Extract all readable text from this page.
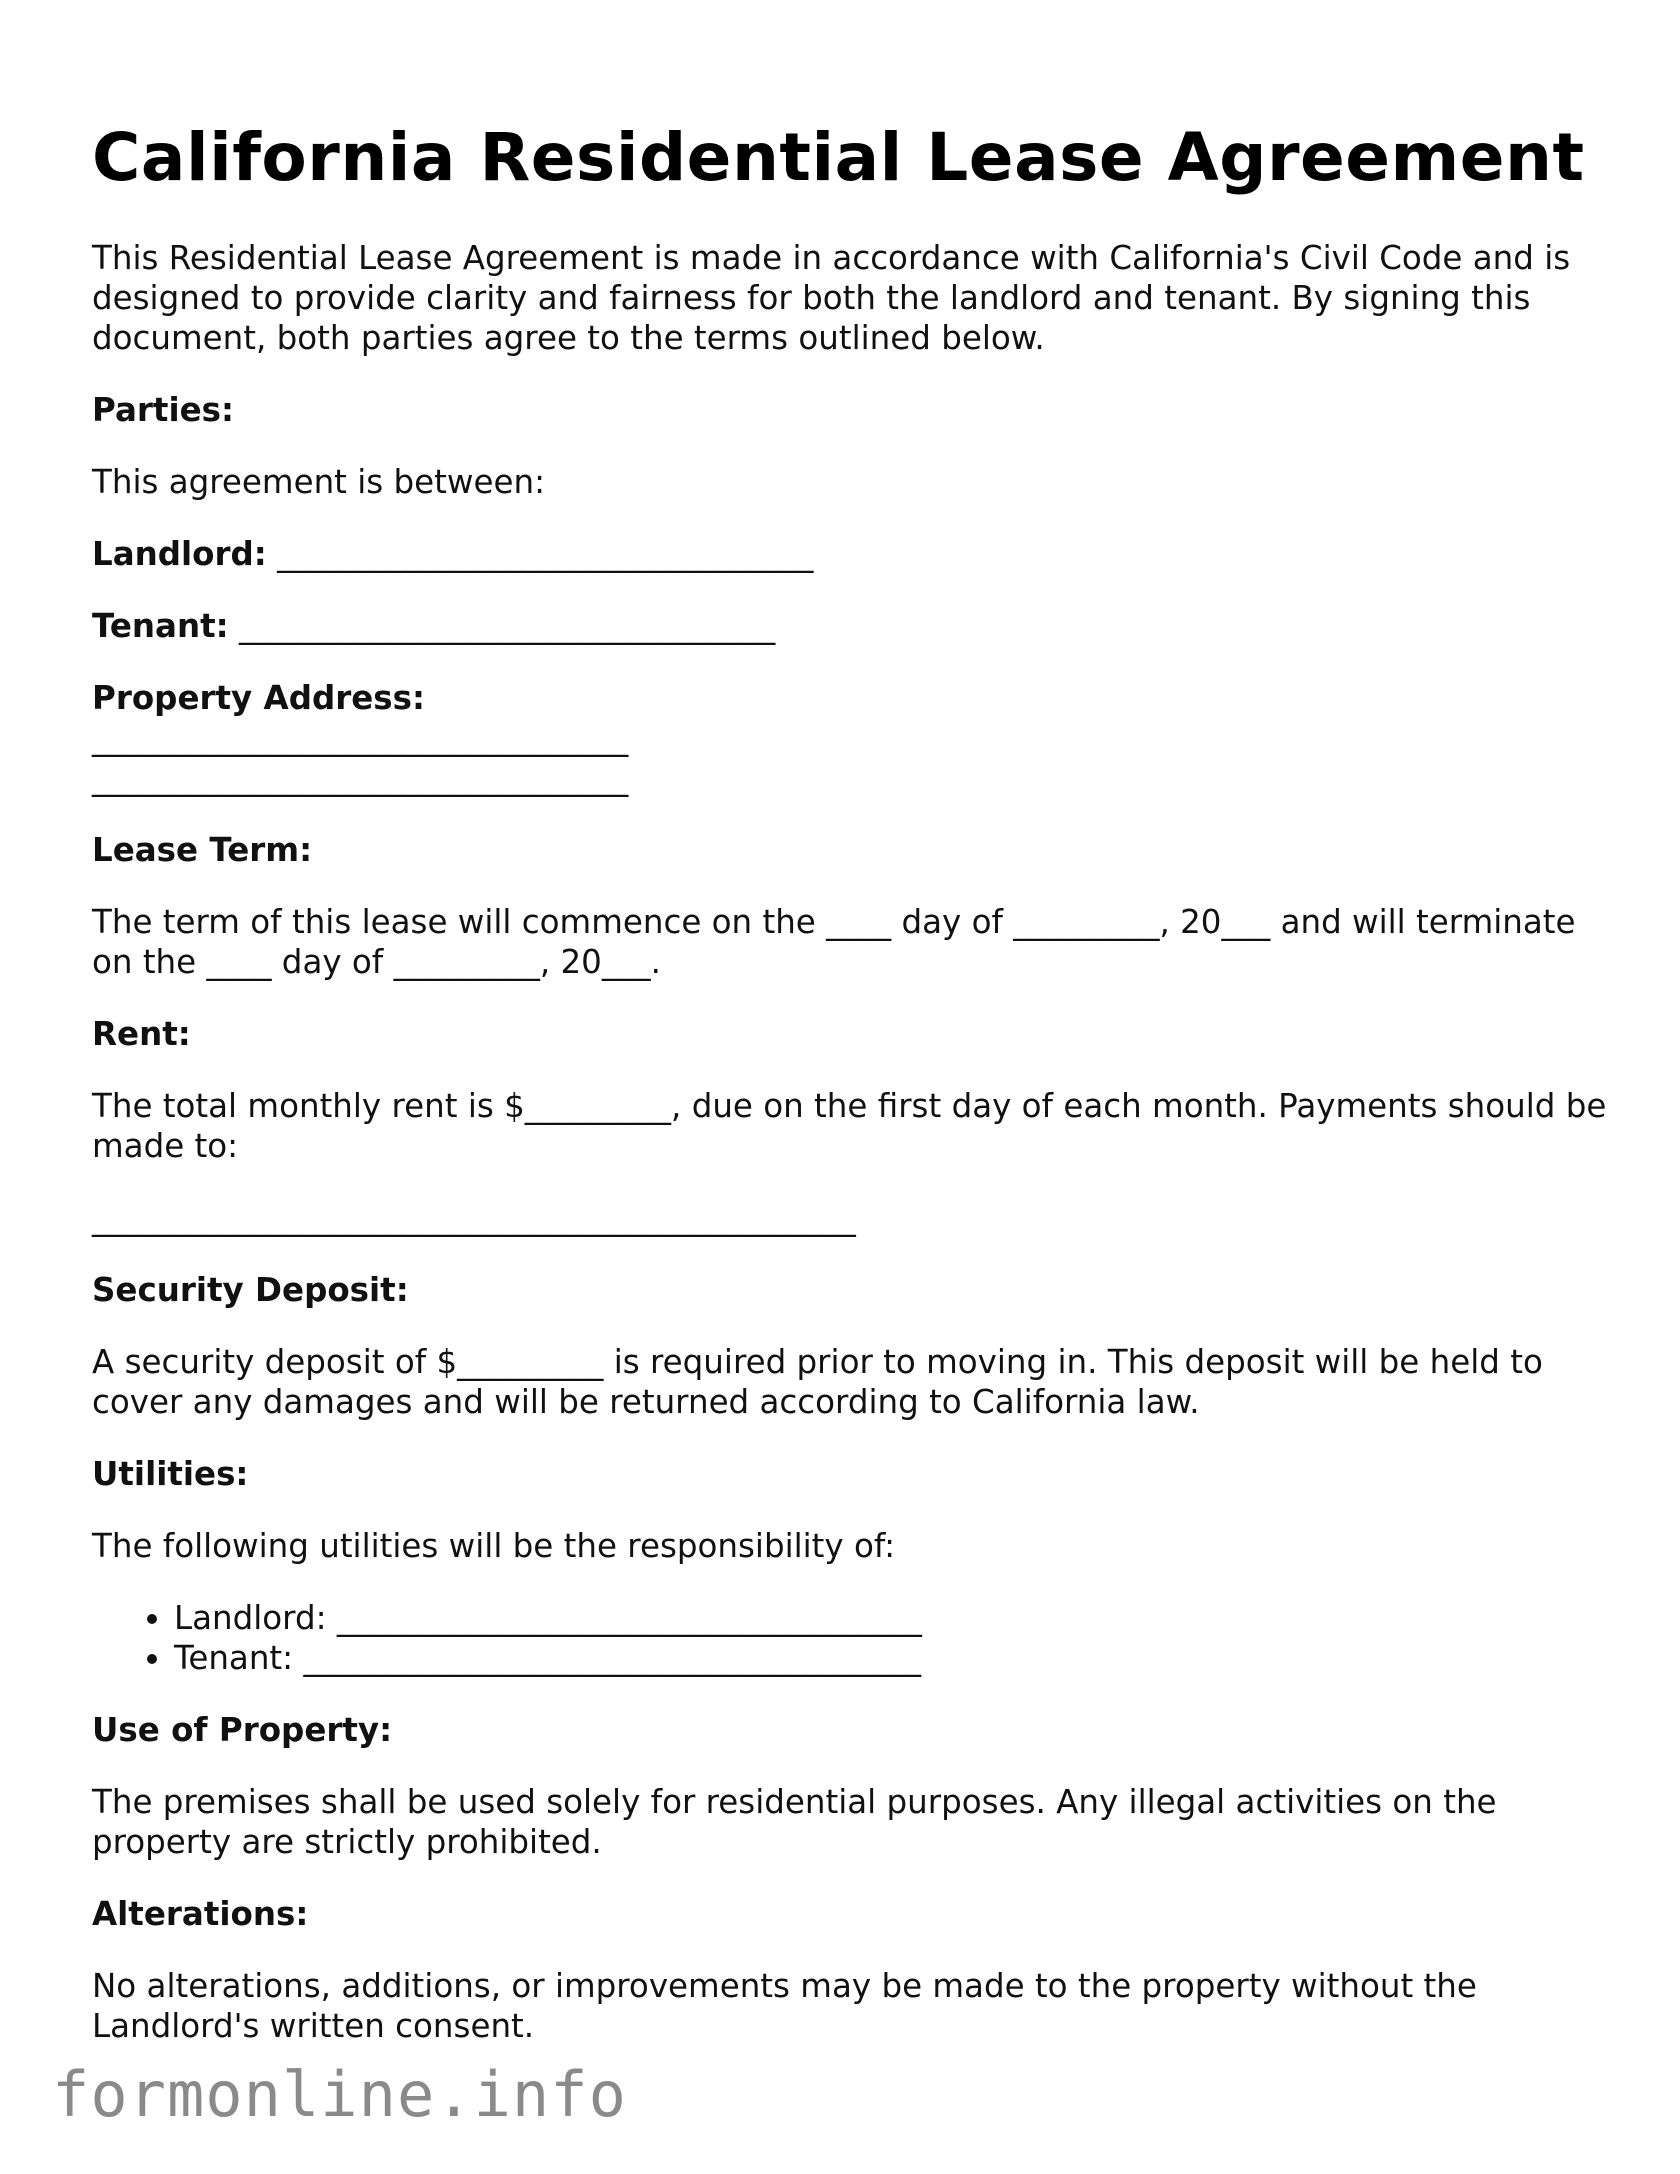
California Residential Lease Agreement

This Residential Lease Agreement is made in accordance with California's Civil Code and is designed to provide clarity and fairness for both the landlord and tenant. By signing this document, both parties agree to the terms outlined below.

Parties:

This agreement is between:

Landlord: _________________________________
Tenant: _________________________________
Property Address:
_________________________________
_________________________________
Lease Term:

The term of this lease will commence on the ____ day of _________, 20___ and will terminate on the ____ day of _________, 20___.

Rent:

The total monthly rent is $_________, due on the first day of each month. Payments should be made to:

_______________________________________________
Security Deposit:

A security deposit of $_________ is required prior to moving in. This deposit will be held to cover any damages and will be returned according to California law.

Utilities:

The following utilities will be the responsibility of:

• Landlord: ____________________________________
• Tenant: ______________________________________
Use of Property:

The premises shall be used solely for residential purposes. Any illegal activities on the property are strictly prohibited.

Alterations:

No alterations, additions, or improvements may be made to the property without the Landlord's written consent.

formonline.info
